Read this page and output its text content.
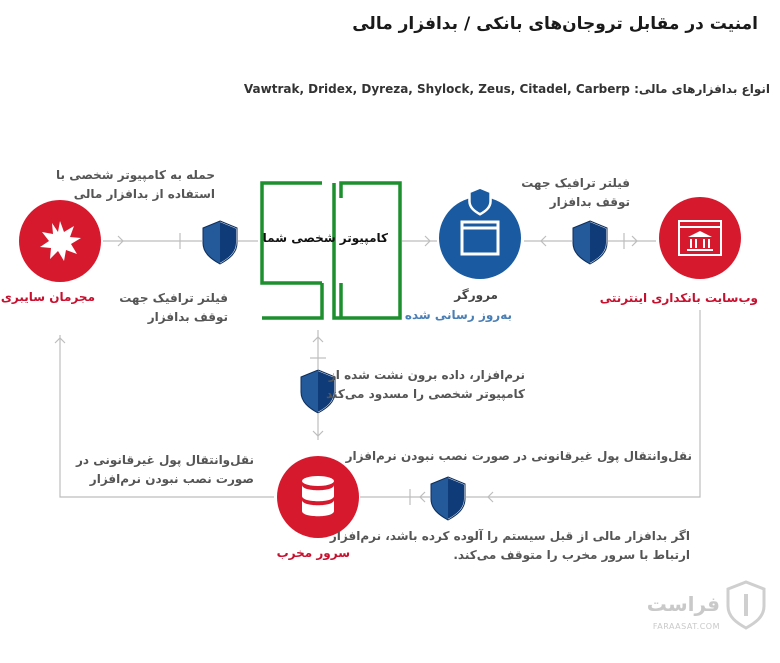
امنیت در مقابل تروجان‌های بانکی/بدافزار مالی
انواع بدافزارهای مالی: Vawtrak, Dridex, Dyreza, Shylock, Zeus, Citadel, Carberp
حمله به کامپیوتر شخصی با
استفاده از بدافزار مالی
فیلتر ترافیک جهت
توقف بدافزار
فیلتر ترافیک جهت
توقف بدافزار
نرم‌افزار، داده برون نشت شده از
کامپیوتر شخصی را مسدود می‌کند
نقل‌وانتقال پول غیرقانونی در صورت نصب نبودن نرم‌افزار
نقل‌وانتقال پول غیرقانونی در
صورت نصب نبودن نرم‌افزار
اگر بدافزار مالی از قبل سیستم را آلوده کرده باشد، نرم‌افزار
ارتباط با سرور مخرب را متوقف می‌کند.
مجرمان سایبری
کامپیوتر شخصی شما
مرورگر
به‌روز رسانی شده
وب‌سایت بانکداری اینترنتی
سرور مخرب
فراست
FARAASAT.COM
